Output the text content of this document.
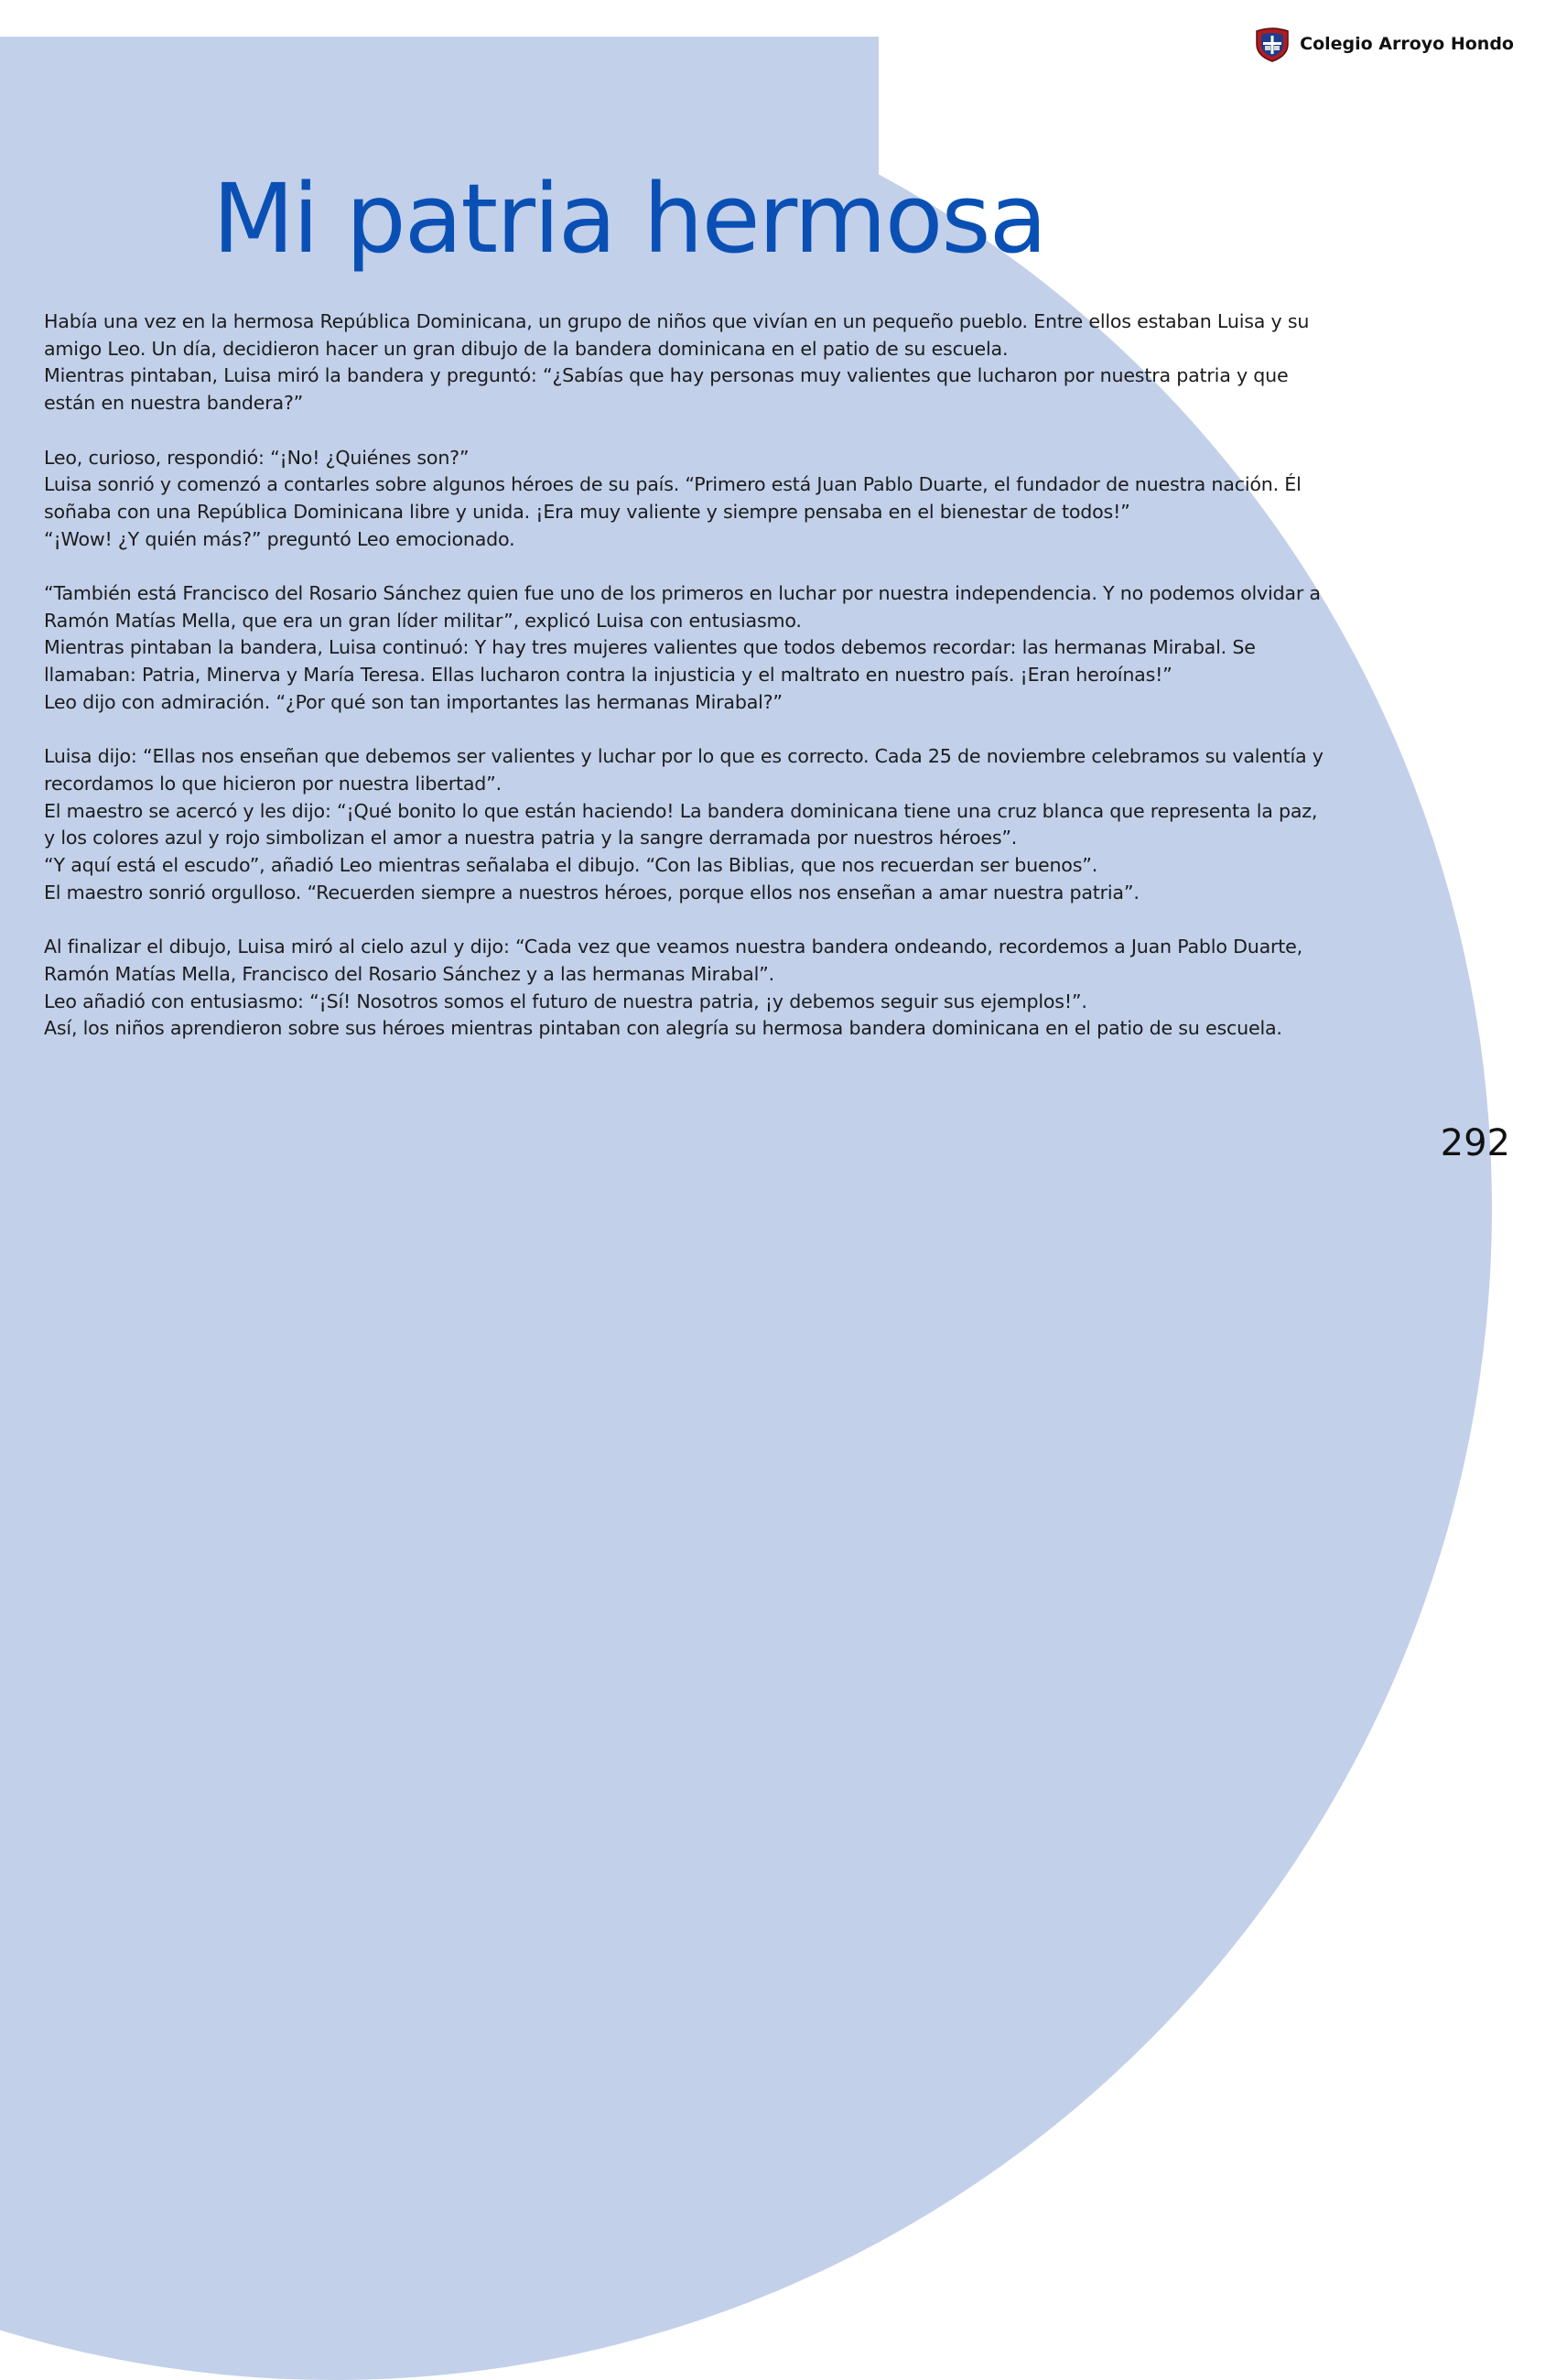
Colegio Arroyo Hondo
Mi patria hermosa

Había una vez en la hermosa República Dominicana, un grupo de niños que vivían en un pequeño pueblo. Entre ellos estaban Luisa y su amigo Leo. Un día, decidieron hacer un gran dibujo de la bandera dominicana en el patio de su escuela.
Mientras pintaban, Luisa miró la bandera y preguntó: “¿Sabías que hay personas muy valientes que lucharon por nuestra patria y que están en nuestra bandera?”

Leo, curioso, respondió: “¡No! ¿Quiénes son?”
Luisa sonrió y comenzó a contarles sobre algunos héroes de su país. “Primero está Juan Pablo Duarte, el fundador de nuestra nación. Él soñaba con una República Dominicana libre y unida. ¡Era muy valiente y siempre pensaba en el bienestar de todos!”
“¡Wow! ¿Y quién más?” preguntó Leo emocionado.

“También está Francisco del Rosario Sánchez quien fue uno de los primeros en luchar por nuestra independencia. Y no podemos olvidar a Ramón Matías Mella, que era un gran líder militar”, explicó Luisa con entusiasmo.
Mientras pintaban la bandera, Luisa continuó: Y hay tres mujeres valientes que todos debemos recordar: las hermanas Mirabal. Se llamaban: Patria, Minerva y María Teresa. Ellas lucharon contra la injusticia y el maltrato en nuestro país. ¡Eran heroínas!”
Leo dijo con admiración. “¿Por qué son tan importantes las hermanas Mirabal?”

Luisa dijo: “Ellas nos enseñan que debemos ser valientes y luchar por lo que es correcto. Cada 25 de noviembre celebramos su valentía y recordamos lo que hicieron por nuestra libertad”.
El maestro se acercó y les dijo: “¡Qué bonito lo que están haciendo! La bandera dominicana tiene una cruz blanca que representa la paz, y los colores azul y rojo simbolizan el amor a nuestra patria y la sangre derramada por nuestros héroes”.
“Y aquí está el escudo”, añadió Leo mientras señalaba el dibujo. “Con las Biblias, que nos recuerdan ser buenos”.
El maestro sonrió orgulloso. “Recuerden siempre a nuestros héroes, porque ellos nos enseñan a amar nuestra patria”.

Al finalizar el dibujo, Luisa miró al cielo azul y dijo: “Cada vez que veamos nuestra bandera ondeando, recordemos a Juan Pablo Duarte, Ramón Matías Mella, Francisco del Rosario Sánchez y a las hermanas Mirabal”.
Leo añadió con entusiasmo: “¡Sí! Nosotros somos el futuro de nuestra patria, ¡y debemos seguir sus ejemplos!”.
Así, los niños aprendieron sobre sus héroes mientras pintaban con alegría su hermosa bandera dominicana en el patio de su escuela.

292
